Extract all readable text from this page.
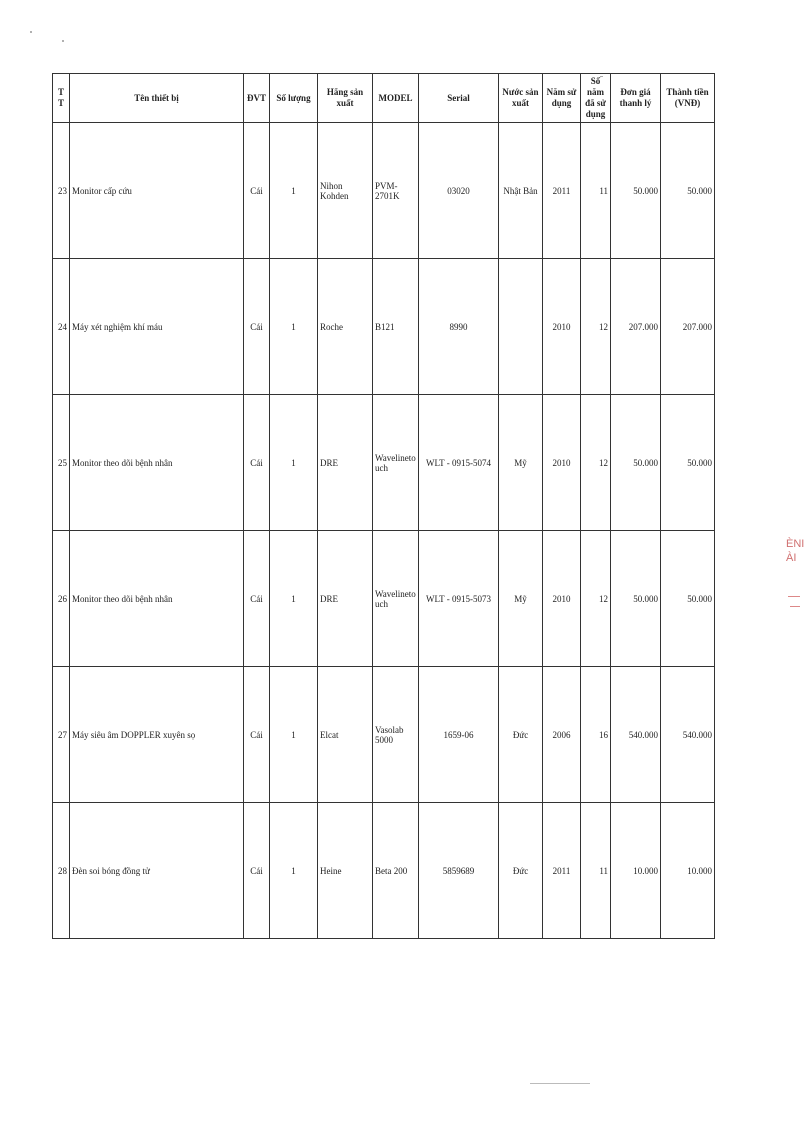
ÈNI
ÀI
T T	Tên thiết bị	ĐVT	Số lượng	Hãng sản xuất	MODEL	Serial	Nước sản xuất	Năm sử dụng	Số năm đã sử dụng	Đơn giá thanh lý	Thành tiền (VNĐ)
23	Monitor cấp cứu	Cái	1	Nihon Kohden	PVM-2701K	03020	Nhật Bản	2011	11	50.000	50.000
24	Máy xét nghiệm khí máu	Cái	1	Roche	B121	8990		2010	12	207.000	207.000
25	Monitor theo dõi bệnh nhân	Cái	1	DRE	Wavelinetouch	WLT - 0915-5074	Mỹ	2010	12	50.000	50.000
26	Monitor theo dõi bệnh nhân	Cái	1	DRE	Wavelinetouch	WLT - 0915-5073	Mỹ	2010	12	50.000	50.000
27	Máy siêu âm DOPPLER xuyên sọ	Cái	1	Elcat	Vasolab 5000	1659-06	Đức	2006	16	540.000	540.000
28	Đèn soi bóng đồng tử	Cái	1	Heine	Beta 200	5859689	Đức	2011	11	10.000	10.000
